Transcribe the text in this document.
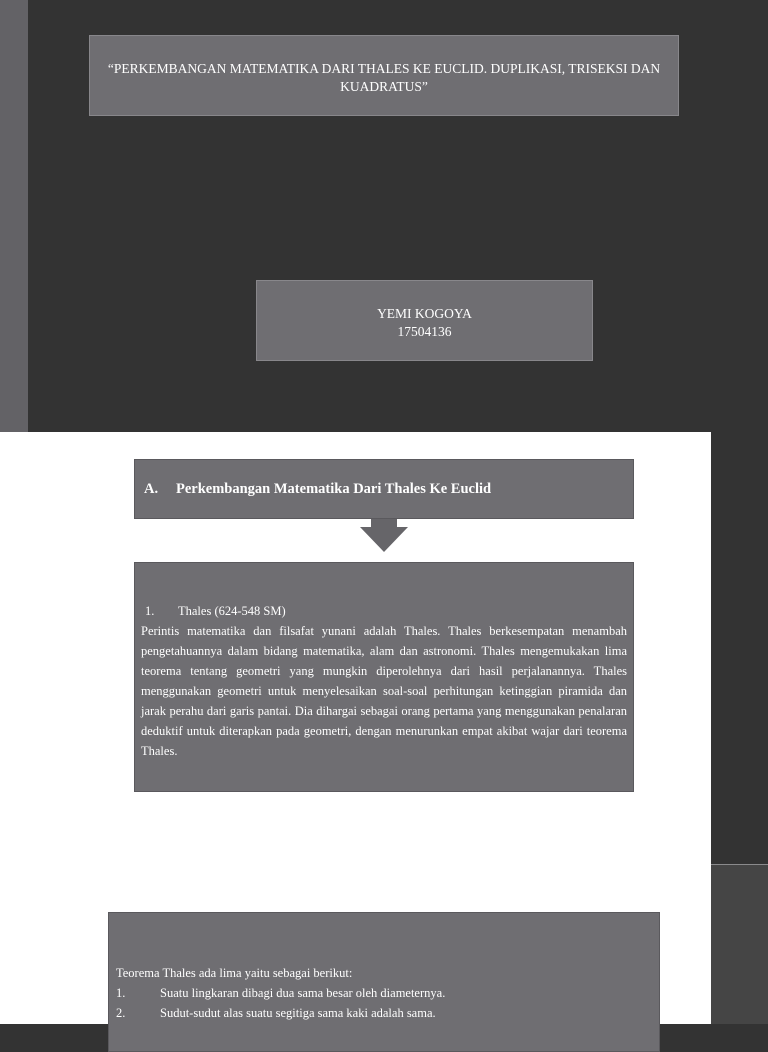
“PERKEMBANGAN MATEMATIKA DARI THALES KE EUCLID. DUPLIKASI, TRISEKSI DAN KUADRATUS”
YEMI KOGOYA
17504136
A. Perkembangan Matematika Dari Thales Ke Euclid
1. Thales (624-548 SM)

Perintis matematika dan filsafat yunani adalah Thales. Thales berkesempatan menambah pengetahuannya dalam bidang matematika, alam dan astronomi. Thales mengemukakan lima teorema tentang geometri yang mungkin diperolehnya dari hasil perjalanannya. Thales menggunakan geometri untuk menyelesaikan soal-soal perhitungan ketinggian piramida dan jarak perahu dari garis pantai. Dia dihargai sebagai orang pertama yang menggunakan penalaran deduktif untuk diterapkan pada geometri, dengan menurunkan empat akibat wajar dari teorema Thales.

Teorema Thales ada lima yaitu sebagai berikut:
1.	Suatu lingkaran dibagi dua sama besar oleh diameternya.
2.	Sudut-sudut alas suatu segitiga sama kaki adalah sama.
